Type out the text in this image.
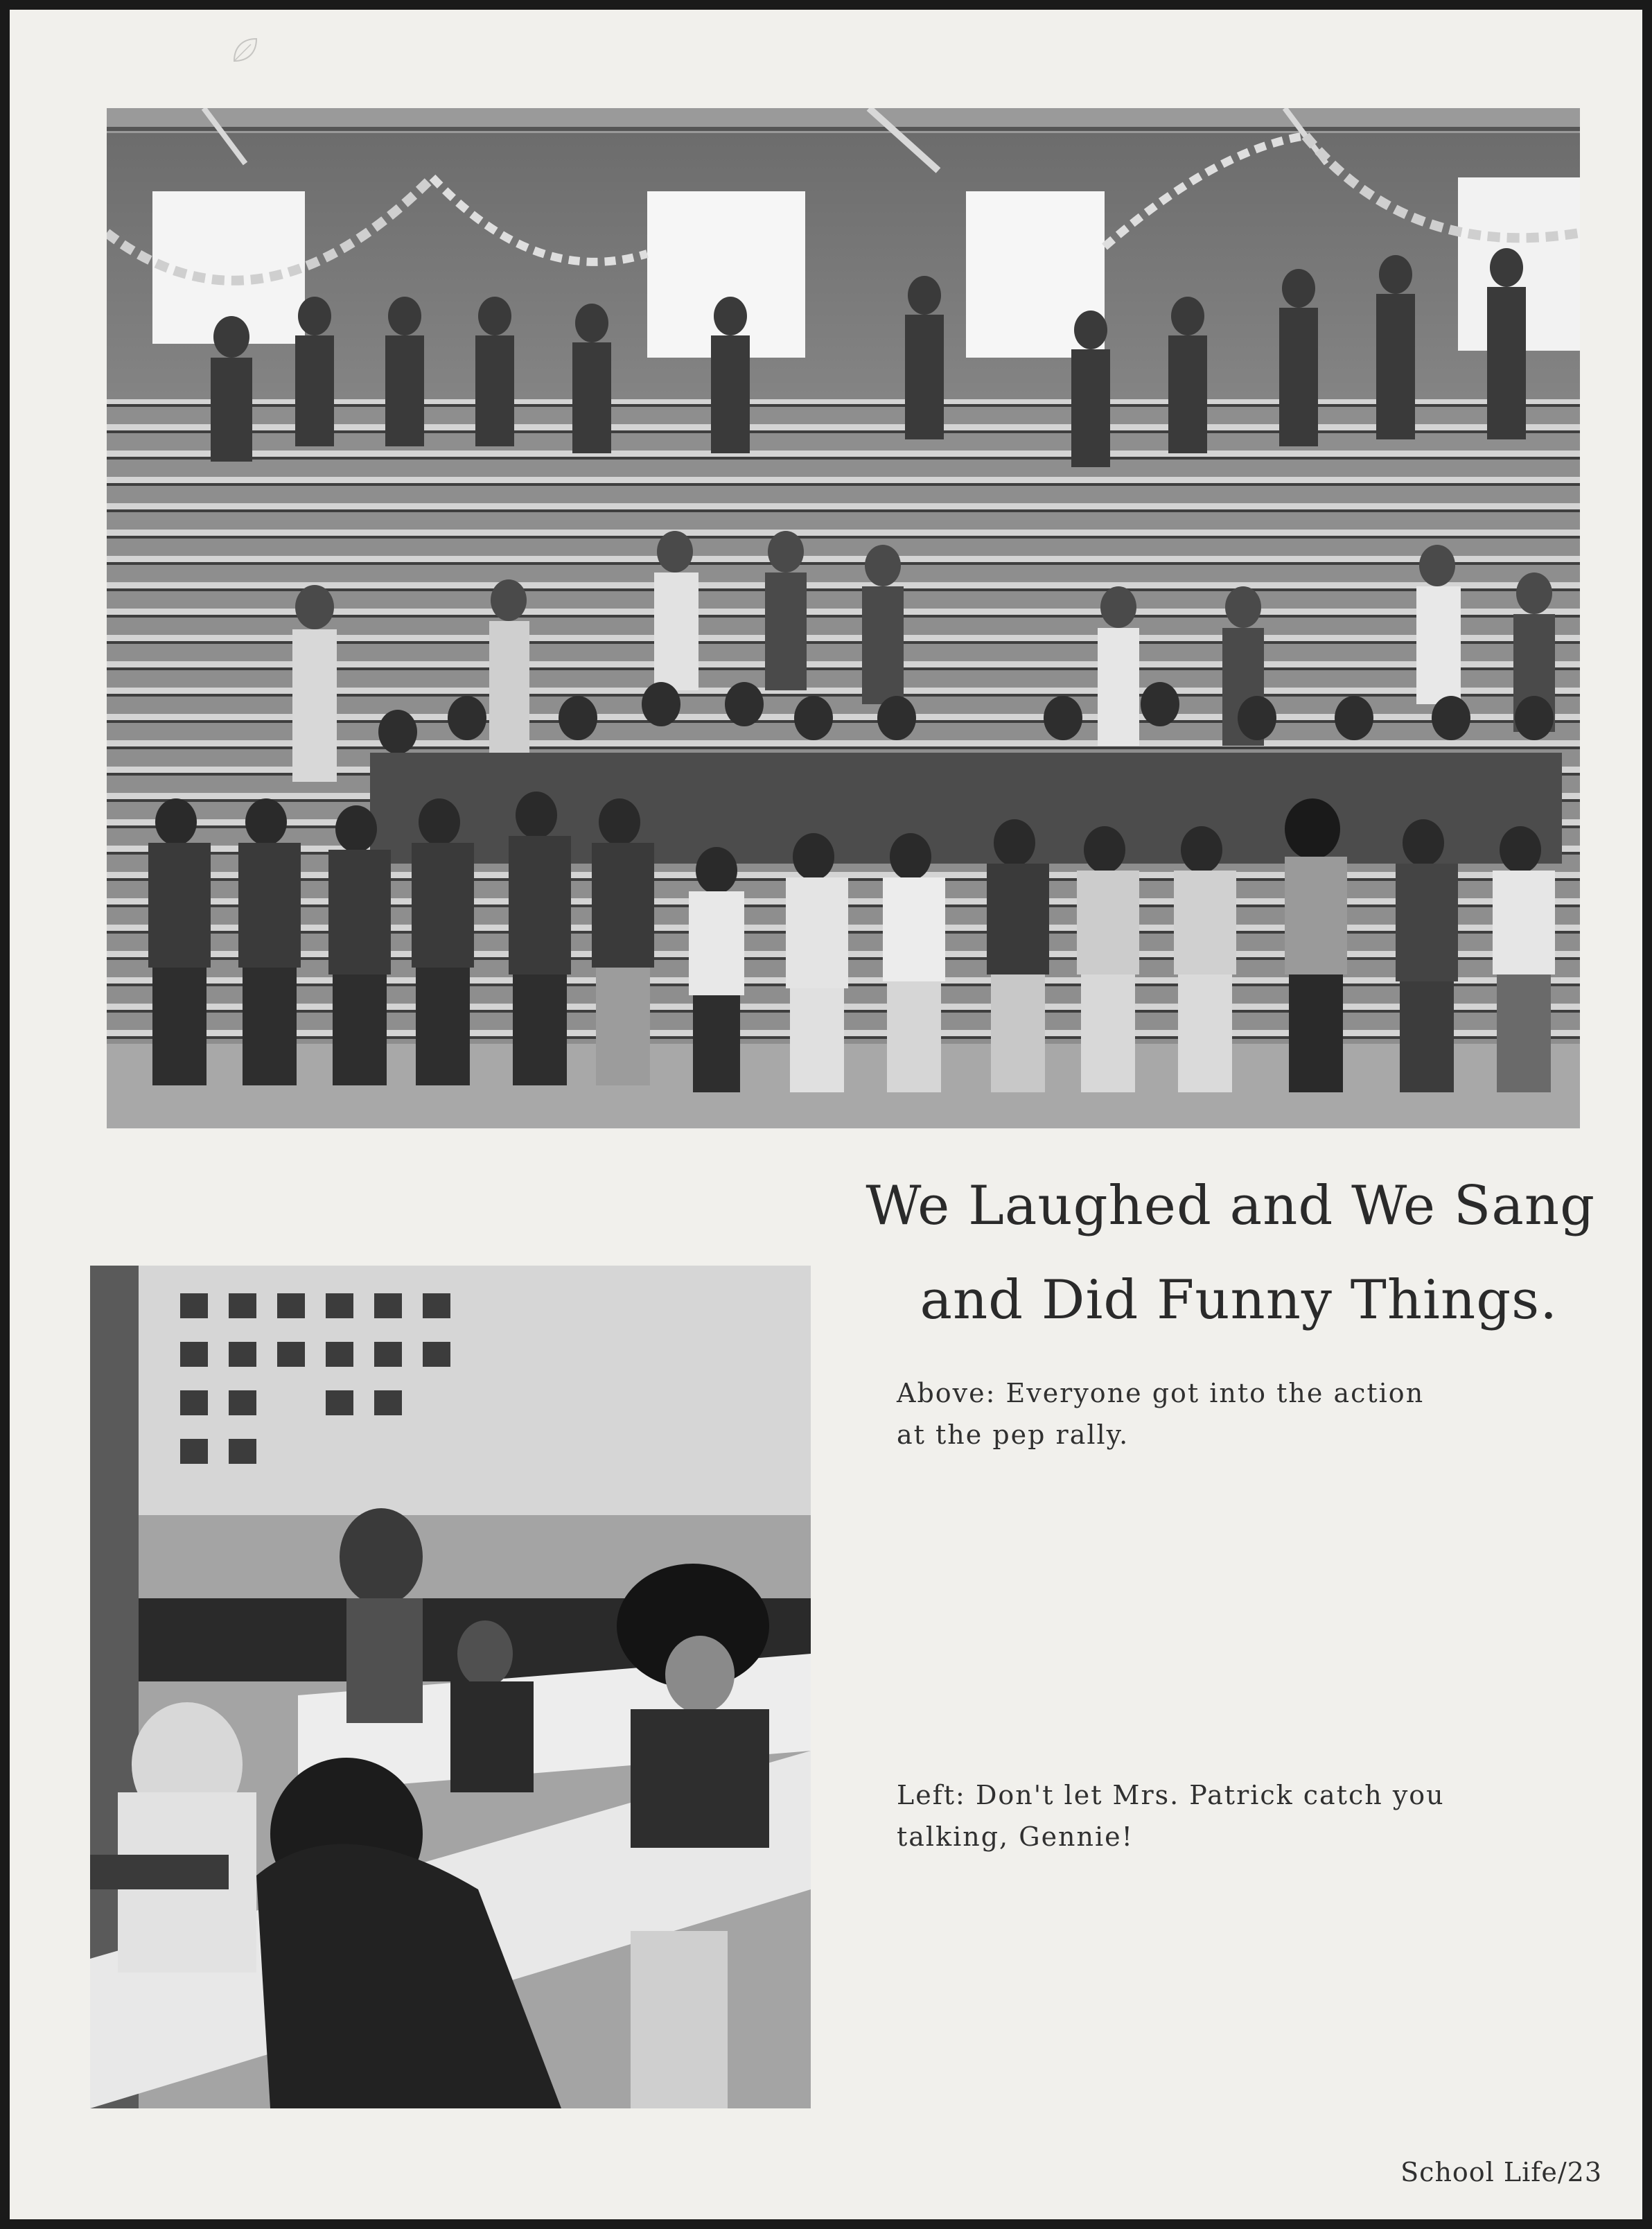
We Laughed and We Sang
and Did Funny Things.

Above: Everyone got into the action
at the pep rally.

Left: Don't let Mrs. Patrick catch you
talking, Gennie!

School Life/23
